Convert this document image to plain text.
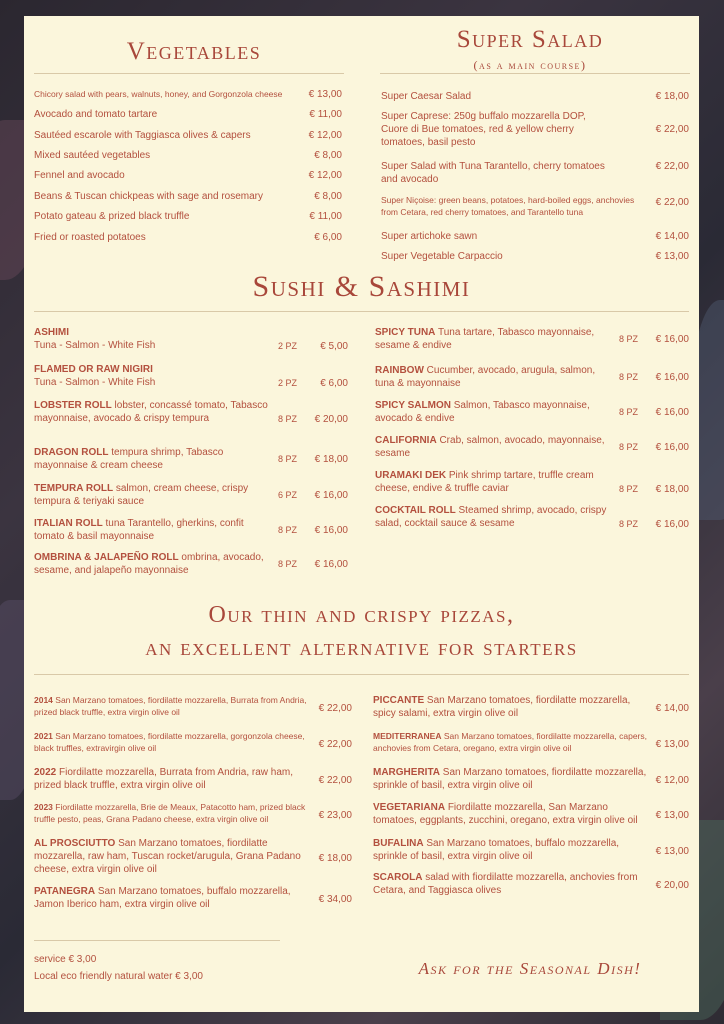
Vegetables
Chicory salad with pears, walnuts, honey, and Gorgonzola cheese	€ 13,00
Avocado and tomato tartare	€ 11,00
Sautéed escarole with Taggiasca olives & capers	€ 12,00
Mixed sautéed vegetables	€ 8,00
Fennel and avocado	€ 12,00
Beans & Tuscan chickpeas with sage and rosemary	€ 8,00
Potato gateau & prized black truffle	€ 11,00
Fried or roasted potatoes	€ 6,00
Super Salad
(as a main course)
Super Caesar Salad	€ 18,00
Super Caprese: 250g buffalo mozzarella DOP, Cuore di Bue tomatoes, red & yellow cherry tomatoes, basil pesto
€ 22,00
Super Salad with Tuna Tarantello, cherry tomatoes and avocado
€ 22,00
Super Niçoise: green beans, potatoes, hard-boiled eggs, anchovies from Cetara, red cherry tomatoes, and Tarantello tuna
€ 22,00
Super artichoke sawn	€ 14,00
Super Vegetable Carpaccio	€ 13,00
Sushi & Sashimi
ASHIMI
Tuna - Salmon - White Fish	2 PZ € 5,00
FLAMED OR RAW NIGIRI
Tuna - Salmon - White Fish	2 PZ € 6,00
LOBSTER ROLL lobster, concassé tomato, Tabasco mayonnaise, avocado & crispy tempura	8 PZ € 20,00
DRAGON ROLL tempura shrimp, Tabasco mayonnaise & cream cheese
8 PZ € 18,00
TEMPURA ROLL salmon, cream cheese, crispy tempura & teriyaki sauce
6 PZ € 16,00
ITALIAN ROLL tuna Tarantello, gherkins, confit tomato & basil mayonnaise
8 PZ € 16,00
OMBRINA & JALAPEÑO ROLL ombrina, avocado, sesame, and jalapeño mayonnaise
8 PZ € 16,00
SPICY TUNA Tuna tartare, Tabasco mayonnaise, sesame & endive
8 PZ € 16,00
RAINBOW Cucumber, avocado, arugula, salmon, tuna & mayonnaise
8 PZ € 16,00
SPICY SALMON Salmon, Tabasco mayonnaise, avocado & endive
8 PZ € 16,00
CALIFORNIA Crab, salmon, avocado, mayonnaise, sesame
8 PZ € 16,00
URAMAKI DEK Pink shrimp tartare, truffle cream cheese, endive & truffle caviar	8 PZ € 18,00
COCKTAIL ROLL Steamed shrimp, avocado, crispy salad, cocktail sauce & sesame	8 PZ € 16,00
Our thin and crispy pizzas,
an excellent alternative for starters
2014 San Marzano tomatoes, fiordilatte mozzarella, Burrata from Andria, prized black truffle, extra virgin olive oil	€ 22,00
2021 San Marzano tomatoes, fiordilatte mozzarella, gorgonzola cheese, black truffles, extravirgin olive oil	€ 22,00
2022 Fiordilatte mozzarella, Burrata from Andria, raw ham, prized black truffle, extra virgin olive oil	€ 22,00
2023 Fiordilatte mozzarella, Brie de Meaux, Patacotto ham, prized black truffle pesto, peas, Grana Padano cheese, extra virgin olive oil	€ 23,00
AL PROSCIUTTO San Marzano tomatoes, fiordilatte mozzarella, raw ham, Tuscan rocket/arugula, Grana Padano cheese, extra virgin olive oil
€ 18,00
PATANEGRA San Marzano tomatoes, buffalo mozzarella, Jamon Iberico ham, extra virgin olive oil	€ 34,00
PICCANTE San Marzano tomatoes, fiordilatte mozzarella, spicy salami, extra virgin olive oil	€ 14,00
MEDITERRANEA San Marzano tomatoes, fiordilatte mozzarella, capers, anchovies from Cetara, oregano, extra virgin olive oil	€ 13,00
MARGHERITA San Marzano tomatoes, fiordilatte mozzarella, sprinkle of basil, extra virgin olive oil	€ 12,00
VEGETARIANA Fiordilatte mozzarella, San Marzano tomatoes, eggplants, zucchini, oregano, extra virgin olive oil	€ 13,00
BUFALINA San Marzano tomatoes, buffalo mozzarella, sprinkle of basil, extra virgin olive oil	€ 13,00
SCAROLA salad with fiordilatte mozzarella, anchovies from Cetara, and Taggiasca olives	€ 20,00
service € 3,00
Local eco friendly natural water € 3,00	Ask for the Seasonal Dish!
